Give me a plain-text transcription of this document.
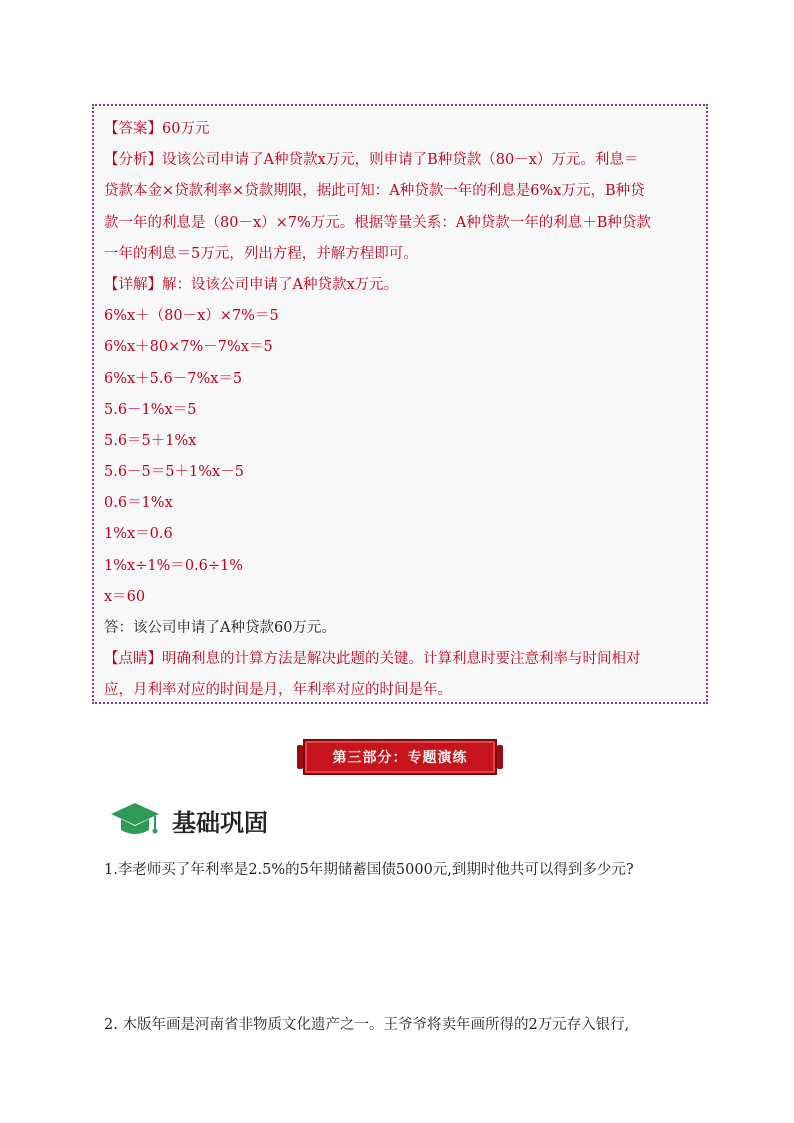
【答案】60万元
【分析】设该公司申请了A种贷款x万元，则申请了B种贷款（80－x）万元。利息＝
贷款本金×贷款利率×贷款期限，据此可知：A种贷款一年的利息是6%x万元，B种贷
款一年的利息是（80－x）×7%万元。根据等量关系：A种贷款一年的利息＋B种贷款
一年的利息＝5万元，列出方程，并解方程即可。
【详解】解：设该公司申请了A种贷款x万元。
6%x＋（80－x）×7%＝5
6%x＋80×7%－7%x＝5
6%x＋5.6－7%x＝5
5.6－1%x＝5
5.6＝5＋1%x
5.6－5＝5＋1%x－5
0.6＝1%x
1%x＝0.6
1%x÷1%＝0.6÷1%
x＝60
答：该公司申请了A种贷款60万元。
【点睛】明确利息的计算方法是解决此题的关键。计算利息时要注意利率与时间相对
应，月利率对应的时间是月，年利率对应的时间是年。
第三部分：专题演练
基础巩固
1.李老师买了年利率是2.5%的5年期储蓄国债5000元,到期时他共可以得到多少元?
2. 木版年画是河南省非物质文化遗产之一。王爷爷将卖年画所得的2万元存入银行,
